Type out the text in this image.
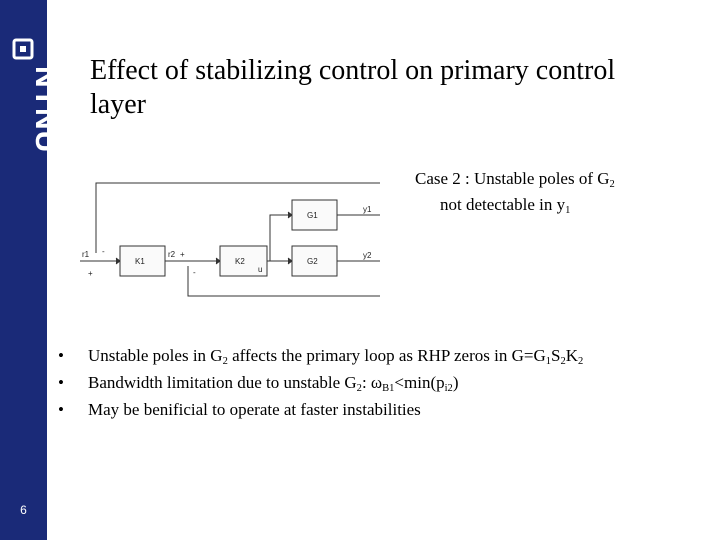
NTNU
6
Effect of stabilizing control on primary control layer
K1	K2
G1
G2
r1	r2
u
y1
y2
-
+
+
-
Case 2 : Unstable poles of $G_2$
not detectable in $y_1$
• Unstable poles in $G_2$ affects the primary loop as RHP zeros in $G=G_1S_2K_2$
• Bandwidth limitation due to unstable $G_2$: $\omega_{B1}<\min(p_{i2})$
• May be benificial to operate at faster instabilities
